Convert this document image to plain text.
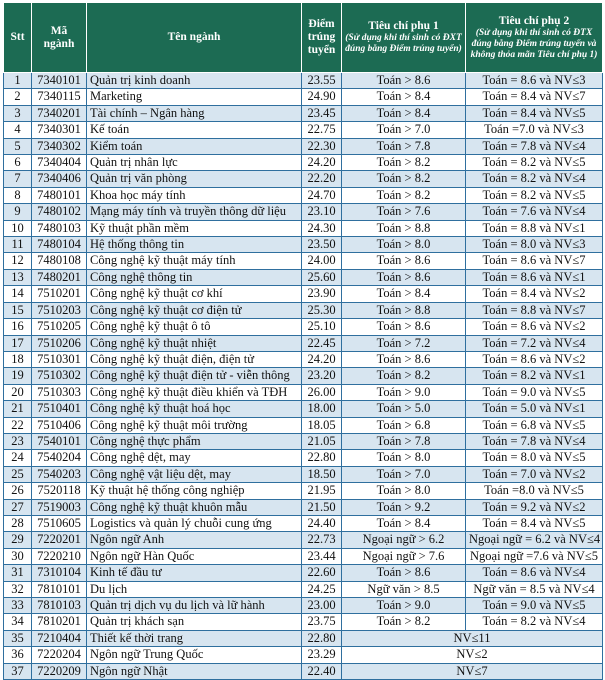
Stt	Mã ngành	Tên ngành	Điểm trúng tuyển	Tiêu chí phụ 1
(Sử dụng khi thí sinh có ĐXT đúng bằng Điểm trúng tuyển)	Tiêu chí phụ 2
(Sử dụng khi thí sinh có ĐTX đúng bằng Điểm trúng tuyển và không thỏa mãn Tiêu chí phụ 1)

1	7340101	Quản trị kinh doanh	23.55	Toán > 8.6	Toán = 8.6 và NV≤3
2	7340115	Marketing	24.90	Toán > 8.4	Toán = 8.4 và NV≤7
3	7340201	Tài chính – Ngân hàng	23.45	Toán > 8.4	Toán = 8.4 và NV≤5
4	7340301	Kế toán	22.75	Toán > 7.0	Toán =7.0 và NV≤3
5	7340302	Kiểm toán	22.30	Toán > 7.8	Toán = 7.8 và NV≤4
6	7340404	Quản trị nhân lực	24.20	Toán > 8.2	Toán = 8.2 và NV≤5
7	7340406	Quản trị văn phòng	22.20	Toán > 8.2	Toán = 8.2 và NV≤4
8	7480101	Khoa học máy tính	24.70	Toán > 8.2	Toán = 8.2 và NV≤5
9	7480102	Mạng máy tính và truyền thông dữ liệu	23.10	Toán > 7.6	Toán = 7.6 và NV≤4
10	7480103	Kỹ thuật phần mềm	24.30	Toán > 8.8	Toán = 8.8 và NV≤1
11	7480104	Hệ thống thông tin	23.50	Toán > 8.0	Toán = 8.0 và NV≤3
12	7480108	Công nghệ kỹ thuật máy tính	24.00	Toán > 8.6	Toán = 8.6 và NV≤7
13	7480201	Công nghệ thông tin	25.60	Toán > 8.6	Toán = 8.6 và NV≤1
14	7510201	Công nghệ kỹ thuật cơ khí	23.90	Toán > 8.4	Toán = 8.4 và NV≤2
15	7510203	Công nghệ kỹ thuật cơ điện tử	25.30	Toán > 8.8	Toán = 8.8 và NV≤7
16	7510205	Công nghệ kỹ thuật ô tô	25.10	Toán > 8.6	Toán = 8.6 và NV≤2
17	7510206	Công nghệ kỹ thuật nhiệt	22.45	Toán > 7.2	Toán = 7.2 và NV≤4
18	7510301	Công nghệ kỹ thuật điện, điện tử	24.20	Toán > 8.6	Toán = 8.6 và NV≤2
19	7510302	Công nghệ kỹ thuật điện tử - viễn thông	23.20	Toán > 8.2	Toán = 8.2 và NV≤1
20	7510303	Công nghệ kỹ thuật điều khiển và TĐH	26.00	Toán > 9.0	Toán = 9.0 và NV≤5
21	7510401	Công nghệ kỹ thuật hoá học	18.00	Toán > 5.0	Toán = 5.0 và NV≤1
22	7510406	Công nghệ kỹ thuật môi trường	18.05	Toán > 6.8	Toán = 6.8 và NV≤5
23	7540101	Công nghệ thực phẩm	21.05	Toán > 7.8	Toán = 7.8 và NV≤4
24	7540204	Công nghệ dệt, may	22.80	Toán > 8.0	Toán = 8.0 và NV≤5
25	7540203	Công nghệ vật liệu dệt, may	18.50	Toán > 7.0	Toán = 7.0 và NV≤2
26	7520118	Kỹ thuật hệ thống công nghiệp	21.95	Toán > 8.0	Toán =8.0 và NV≤5
27	7519003	Công nghệ kỹ thuật khuôn mẫu	21.50	Toán > 9.2	Toán = 9.2 và NV≤2
28	7510605	Logistics và quản lý chuỗi cung ứng	24.40	Toán > 8.4	Toán = 8.4 và NV≤5
29	7220201	Ngôn ngữ Anh	22.73	Ngoại ngữ > 6.2	Ngoại ngữ = 6.2 và NV≤4
30	7220210	Ngôn ngữ Hàn Quốc	23.44	Ngoại ngữ > 7.6	Ngoại ngữ =7.6 và NV≤5
31	7310104	Kinh tế đầu tư	22.60	Toán > 8.6	Toán = 8.6 và NV≤4
32	7810101	Du lịch	24.25	Ngữ văn > 8.5	Ngữ văn = 8.5 và NV≤4
33	7810103	Quản trị dịch vụ du lịch và lữ hành	23.00	Toán > 9.0	Toán = 9.0 và NV≤5
34	7810201	Quản trị khách sạn	23.75	Toán > 8.2	Toán = 8.2 và NV≤4
35	7210404	Thiết kế thời trang	22.80	NV≤11	
36	7220204	Ngôn ngữ Trung Quốc	23.29	NV≤2	
37	7220209	Ngôn ngữ Nhật	22.40	NV≤7	
